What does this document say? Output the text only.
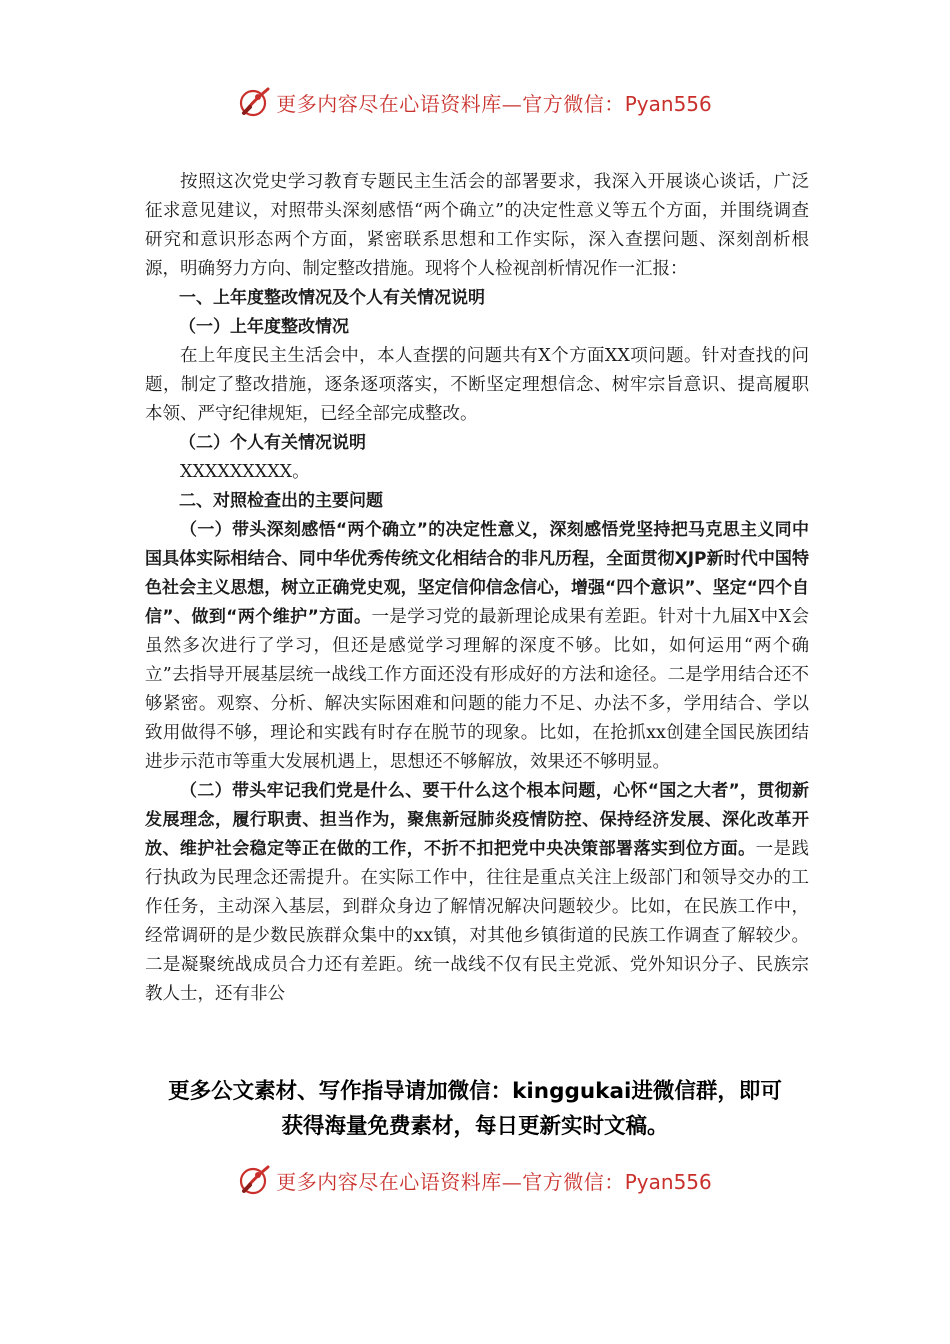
更多内容尽在心语资料库—官方微信：Pyan556

按照这次党史学习教育专题民主生活会的部署要求，我深入开展谈心谈话，广泛征求意见建议，对照带头深刻感悟“两个确立”的决定性意义等五个方面，并围绕调查研究和意识形态两个方面，紧密联系思想和工作实际，深入查摆问题、深刻剖析根源，明确努力方向、制定整改措施。现将个人检视剖析情况作一汇报：

一、上年度整改情况及个人有关情况说明

（一）上年度整改情况

在上年度民主生活会中，本人查摆的问题共有X个方面XX项问题。针对查找的问题，制定了整改措施，逐条逐项落实，不断坚定理想信念、树牢宗旨意识、提高履职本领、严守纪律规矩，已经全部完成整改。

（二）个人有关情况说明

XXXXXXXXX。

二、对照检查出的主要问题

（一）带头深刻感悟“两个确立”的决定性意义，深刻感悟党坚持把马克思主义同中国具体实际相结合、同中华优秀传统文化相结合的非凡历程，全面贯彻XJP新时代中国特色社会主义思想，树立正确党史观，坚定信仰信念信心，增强“四个意识”、坚定“四个自信”、做到“两个维护”方面。一是学习党的最新理论成果有差距。针对十九届X中X会虽然多次进行了学习，但还是感觉学习理解的深度不够。比如，如何运用“两个确立”去指导开展基层统一战线工作方面还没有形成好的方法和途径。二是学用结合还不够紧密。观察、分析、解决实际困难和问题的能力不足、办法不多，学用结合、学以致用做得不够，理论和实践有时存在脱节的现象。比如，在抢抓xx创建全国民族团结进步示范市等重大发展机遇上，思想还不够解放，效果还不够明显。

（二）带头牢记我们党是什么、要干什么这个根本问题，心怀“国之大者”，贯彻新发展理念，履行职责、担当作为，聚焦新冠肺炎疫情防控、保持经济发展、深化改革开放、维护社会稳定等正在做的工作，不折不扣把党中央决策部署落实到位方面。一是践行执政为民理念还需提升。在实际工作中，往往是重点关注上级部门和领导交办的工作任务，主动深入基层，到群众身边了解情况解决问题较少。比如，在民族工作中，经常调研的是少数民族群众集中的xx镇，对其他乡镇街道的民族工作调查了解较少。二是凝聚统战成员合力还有差距。统一战线不仅有民主党派、党外知识分子、民族宗教人士，还有非公

更多公文素材、写作指导请加微信：kinggukai进微信群，即可
获得海量免费素材，每日更新实时文稿。
更多内容尽在心语资料库—官方微信：Pyan556
